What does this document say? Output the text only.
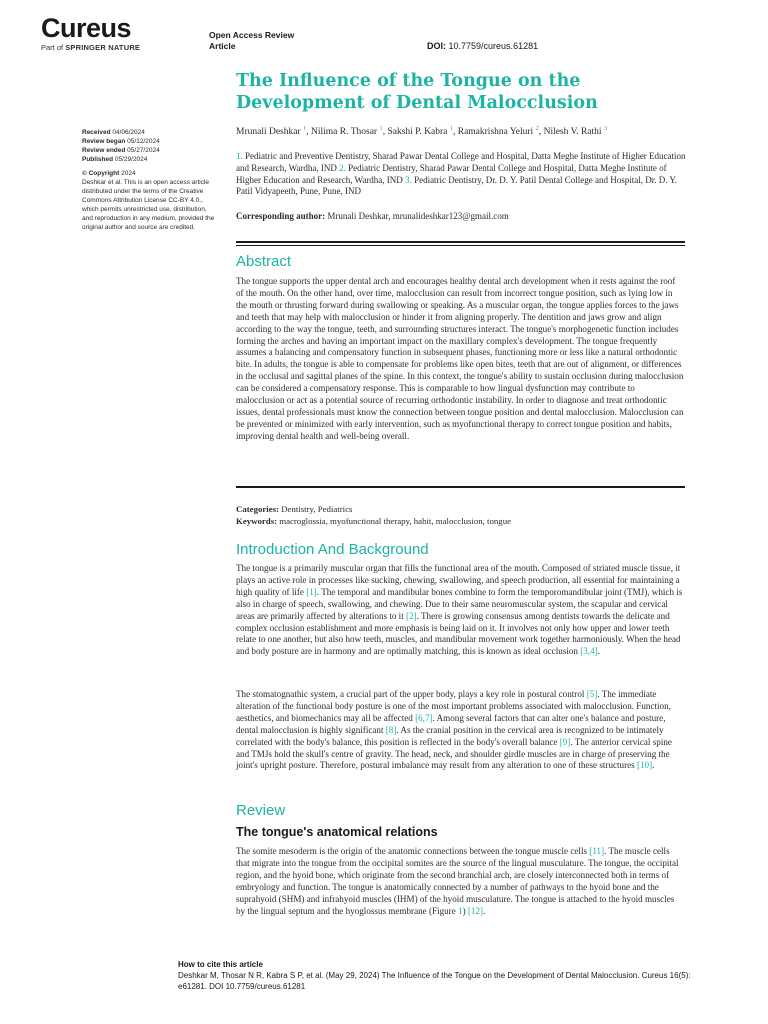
Cureus
Part of SPRINGER NATURE
Open Access Review
Article	DOI: 10.7759/cureus.61281
The Influence of the Tongue on the Development of Dental Malocclusion
Mrunali Deshkar $^1$, Nilima R. Thosar $^1$, Sakshi P. Kabra $^1$, Ramakrishna Yeluri $^2$, Nilesh V. Rathi $^3$
1. Pediatric and Preventive Dentistry, Sharad Pawar Dental College and Hospital, Datta Meghe Institute of Higher Education and Research, Wardha, IND 2. Pediatric Dentistry, Sharad Pawar Dental College and Hospital, Datta Meghe Institute of Higher Education and Research, Wardha, IND 3. Pediatric Dentistry, Dr. D. Y. Patil Dental College and Hospital, Dr. D. Y. Patil Vidyapeeth, Pune, Pune, IND
Corresponding author: Mrunali Deshkar, mrunalideshkar123@gmail.com
Received 04/06/2024
Review began 05/12/2024
Review ended 05/27/2024
Published 05/29/2024
© Copyright 2024
Deshkar et al. This is an open access article distributed under the terms of the Creative Commons Attribution License CC-BY 4.0., which permits unrestricted use, distribution, and reproduction in any medium, provided the original author and source are credited.
Abstract
The tongue supports the upper dental arch and encourages healthy dental arch development when it rests against the roof of the mouth. On the other hand, over time, malocclusion can result from incorrect tongue position, such as lying low in the mouth or thrusting forward during swallowing or speaking. As a muscular organ, the tongue applies forces to the jaws and teeth that may help with malocclusion or hinder it from aligning properly. The dentition and jaws grow and align according to the way the tongue, teeth, and surrounding structures interact. The tongue's morphogenetic function includes forming the arches and having an important impact on the maxillary complex's development. The tongue frequently assumes a balancing and compensatory function in subsequent phases, functioning more or less like a natural orthodontic bite. In adults, the tongue is able to compensate for problems like open bites, teeth that are out of alignment, or differences in the occlusal and sagittal planes of the spine. In this context, the tongue's ability to sustain occlusion during malocclusion can be considered a compensatory response. This is comparable to how lingual dysfunction may contribute to malocclusion or act as a potential source of recurring orthodontic instability. In order to diagnose and treat orthodontic issues, dental professionals must know the connection between tongue position and dental malocclusion. Malocclusion can be prevented or minimized with early intervention, such as myofunctional therapy to correct tongue position and habits, improving dental health and well-being overall.
Categories: Dentistry, Pediatrics
Keywords: macroglossia, myofunctional therapy, habit, malocclusion, tongue
Introduction And Background
The tongue is a primarily muscular organ that fills the functional area of the mouth. Composed of striated muscle tissue, it plays an active role in processes like sucking, chewing, swallowing, and speech production, all essential for maintaining a high quality of life [1]. The temporal and mandibular bones combine to form the temporomandibular joint (TMJ), which is also in charge of speech, swallowing, and chewing. Due to their same neuromuscular system, the scapular and cervical areas are primarily affected by alterations to it [2]. There is growing consensus among dentists towards the delicate and complex occlusion establishment and more emphasis is being laid on it. It involves not only how upper and lower teeth relate to one another, but also how teeth, muscles, and mandibular movement work together harmoniously. When the head and body posture are in harmony and are optimally matching, this is known as ideal occlusion [3,4].
The stomatognathic system, a crucial part of the upper body, plays a key role in postural control [5]. The immediate alteration of the functional body posture is one of the most important problems associated with malocclusion. Function, aesthetics, and biomechanics may all be affected [6,7]. Among several factors that can alter one's balance and posture, dental malocclusion is highly significant [8]. As the cranial position in the cervical area is recognized to be intimately correlated with the body's balance, this position is reflected in the body's overall balance [9]. The anterior cervical spine and TMJs hold the skull's centre of gravity. The head, neck, and shoulder girdle muscles are in charge of preserving the joint's upright posture. Therefore, postural imbalance may result from any alteration to one of these structures [10].
Review
The tongue's anatomical relations
The somite mesoderm is the origin of the anatomic connections between the tongue muscle cells [11]. The muscle cells that migrate into the tongue from the occipital somites are the source of the lingual musculature. The tongue, the occipital region, and the hyoid bone, which originate from the second branchial arch, are closely interconnected both in terms of embryology and function. The tongue is anatomically connected by a number of pathways to the hyoid bone and the suprahyoid (SHM) and infrahyoid muscles (IHM) of the hyoid musculature. The tongue is attached to the hyoid muscles by the lingual septum and the hyoglossus membrane (Figure 1) [12].
How to cite this article
Deshkar M, Thosar N R, Kabra S P, et al. (May 29, 2024) The Influence of the Tongue on the Development of Dental Malocclusion. Cureus 16(5): e61281. DOI 10.7759/cureus.61281
